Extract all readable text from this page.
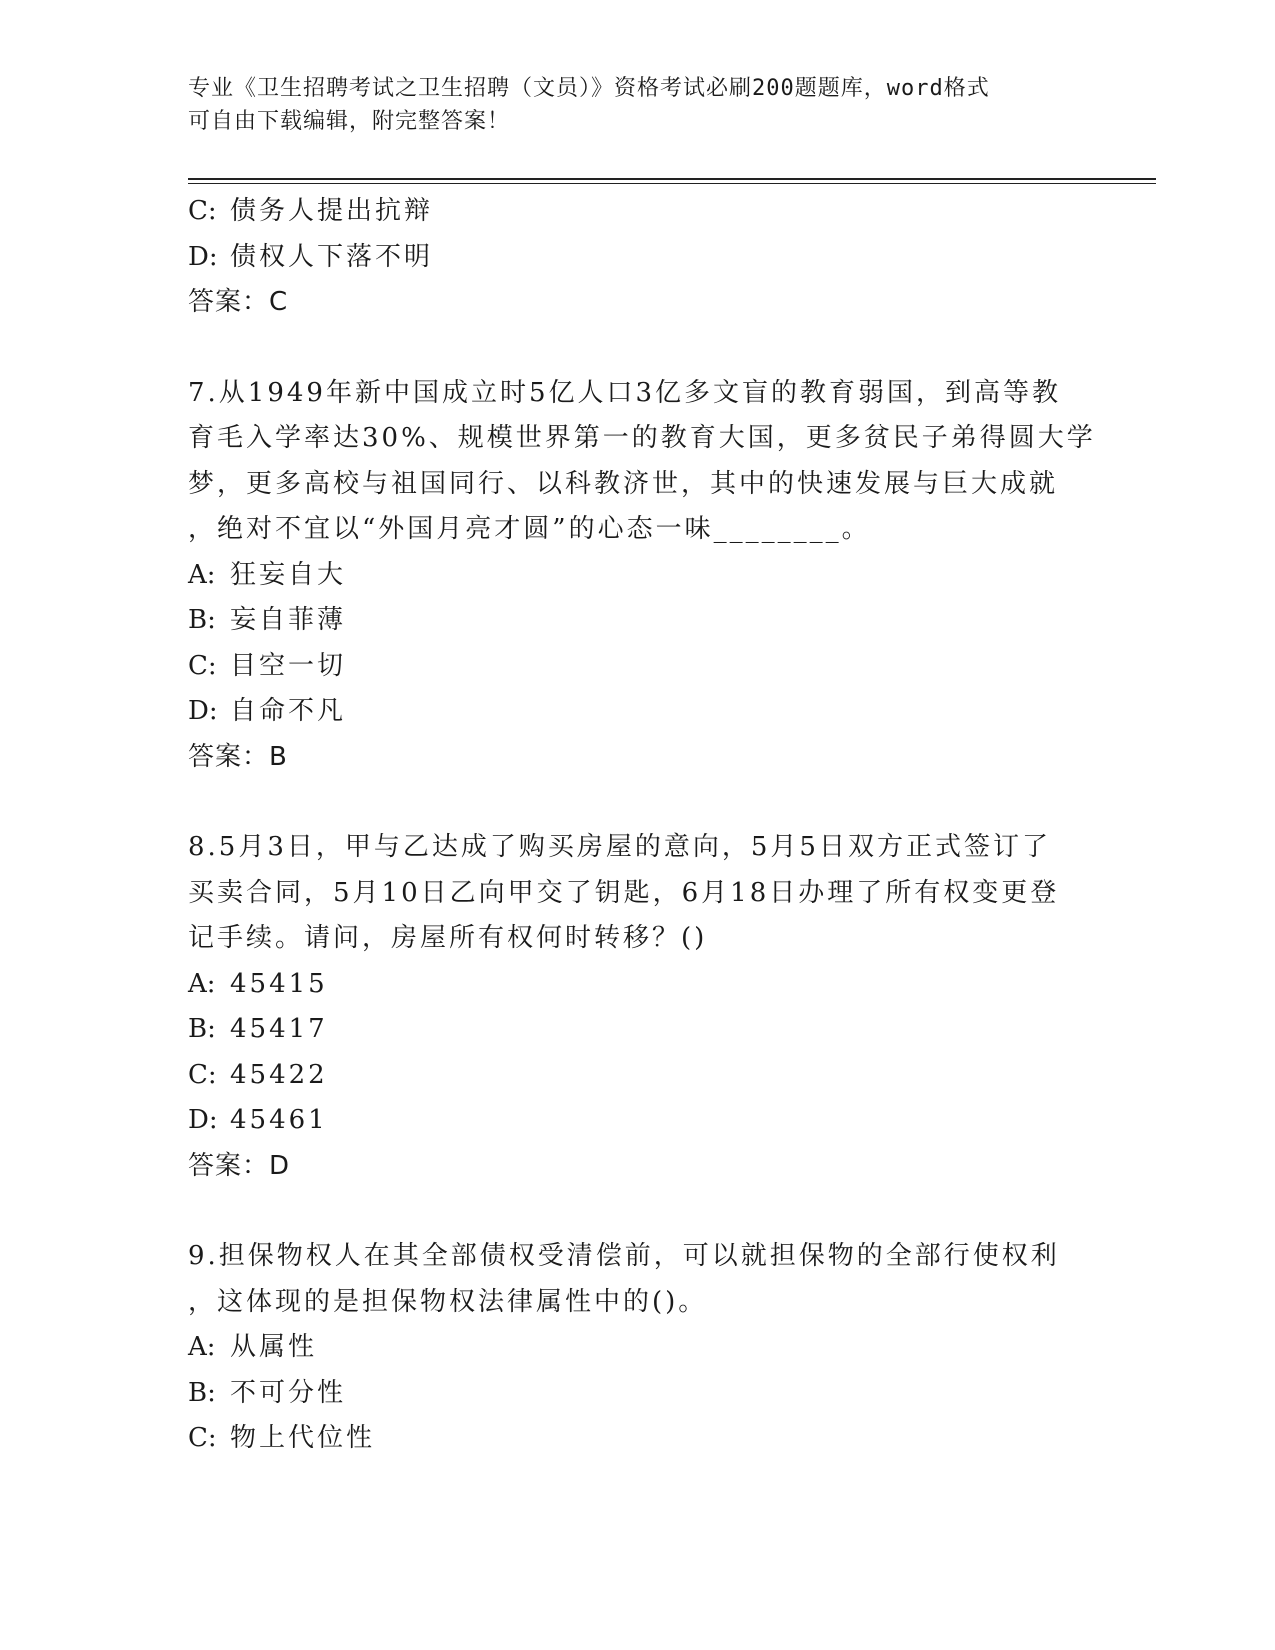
专业《卫生招聘考试之卫生招聘（文员）》资格考试必刷200题题库，word格式
可自由下载编辑，附完整答案！
C: 债务人提出抗辩
D: 债权人下落不明
答案：C
7.从1949年新中国成立时5亿人口3亿多文盲的教育弱国，到高等教
育毛入学率达30%、规模世界第一的教育大国，更多贫民子弟得圆大学
梦，更多高校与祖国同行、以科教济世，其中的快速发展与巨大成就
，绝对不宜以“外国月亮才圆”的心态一味________。
A: 狂妄自大
B: 妄自菲薄
C: 目空一切
D: 自命不凡
答案：B
8.5月3日，甲与乙达成了购买房屋的意向，5月5日双方正式签订了
买卖合同，5月10日乙向甲交了钥匙，6月18日办理了所有权变更登
记手续。请问，房屋所有权何时转移？()
A: 45415
B: 45417
C: 45422
D: 45461
答案：D
9.担保物权人在其全部债权受清偿前，可以就担保物的全部行使权利
，这体现的是担保物权法律属性中的()。
A: 从属性
B: 不可分性
C: 物上代位性
